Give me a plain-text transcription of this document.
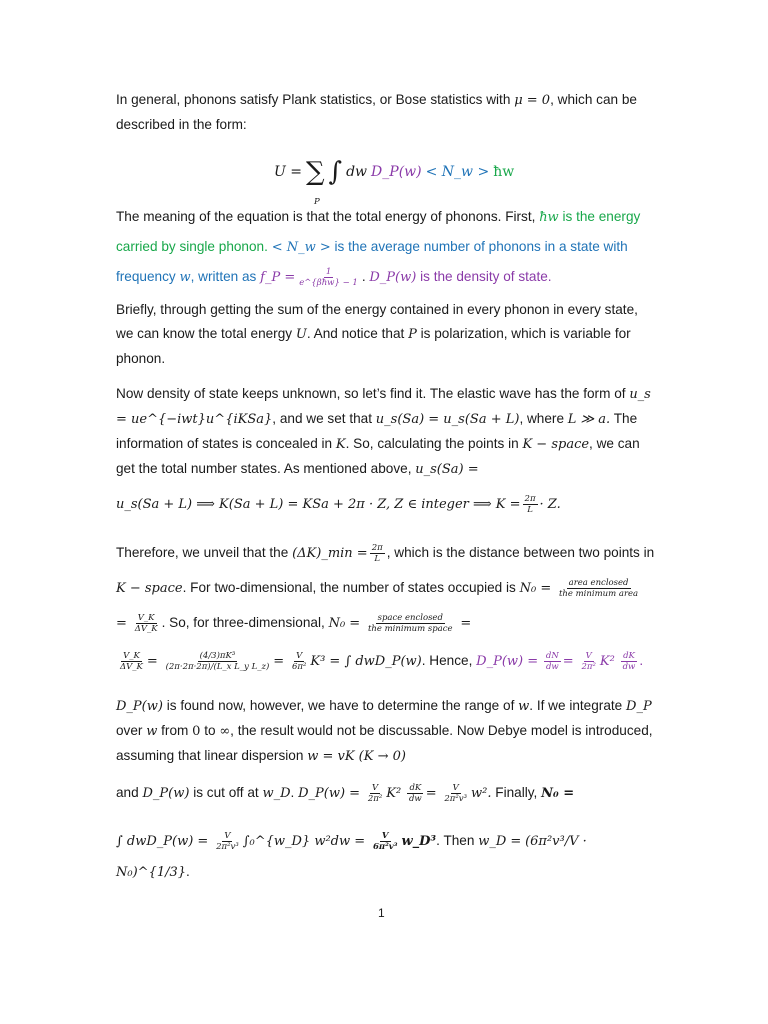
In general, phonons satisfy Plank statistics, or Bose statistics with μ = 0, which can be described in the form:

U = ∑
P
∫ dw D_P(w) < N_w > ħw

The meaning of the equation is that the total energy of phonons. First, ħw is the energy carried by single phonon. < N_w > is the average number of phonons in a state with frequency w, written as f_P = $\frac{1}{\text{e\textasciicircum{}\{βħw\} − 1}}$ . D_P(w) is the density of state.

Briefly, through getting the sum of the energy contained in every phonon in every state, we can know the total energy U. And notice that P is polarization, which is variable for phonon.

Now density of state keeps unknown, so let’s find it. The elastic wave has the form of u_s = ue^{−iwt}u^{iKSa}, and we set that u_s(Sa) = u_s(Sa + L), where L ≫ a. The information of states is concealed in K. So, calculating the points in K − space, we can get the total number states. As mentioned above, u_s(Sa) =

u_s(Sa + L) ⟹ K(Sa + L) = KSa + 2π · Z, Z ∈ integer ⟹ $K = \frac{2\pi}{L} \cdot Z$.

Therefore, we unveil that the (ΔK)_min = $\frac{2\pi}{L}$ , which is the distance between two points in K − space. For two-dimensional, the number of states occupied is $N_0 = \frac{\text{area enclosed}}{\text{the minimum area}}$
= $\frac{V\_K}{\Delta V\_K}$ . So, for three-dimensional, $N_0 = \frac{\text{space enclosed}}{\text{the minimum space}}$ =

$\frac{V\_K}{\Delta V\_K} = \frac{\text{(4/3)πK³}}{\text{(2π·2π·2π)/(L\_x L\_y L\_z)}} = \frac{V}{\text{6π²}} K^3$ = ∫ dwD_P(w). Hence, D_P(w) = $\frac{dN}{dw} = \frac{V}{\text{2π²}} K^2 \frac{dK}{dw}$ .

D_P(w) is found now, however, we have to determine the range of w. If we integrate D_P over w from 0 to ∞, the result would not be discussable. Now Debye model is introduced, assuming that linear dispersion w = vK (K → 0)

and D_P(w) is cut off at w_D. D_P(w) = $\frac{V}{\text{2π²}} K^2 \frac{dK}{dw} = \frac{V}{\text{2π²v³}} w^2$. Finally, N₀ =

∫ dwD_P(w) = $\frac{V}{\text{2π²v³}}$ ∫₀^{w_D} $w^2dw = \frac{V}{\text{6π²v³}}$ w_D³. Then w_D = (6π²v³/V · N₀)^{1/3}.

1
